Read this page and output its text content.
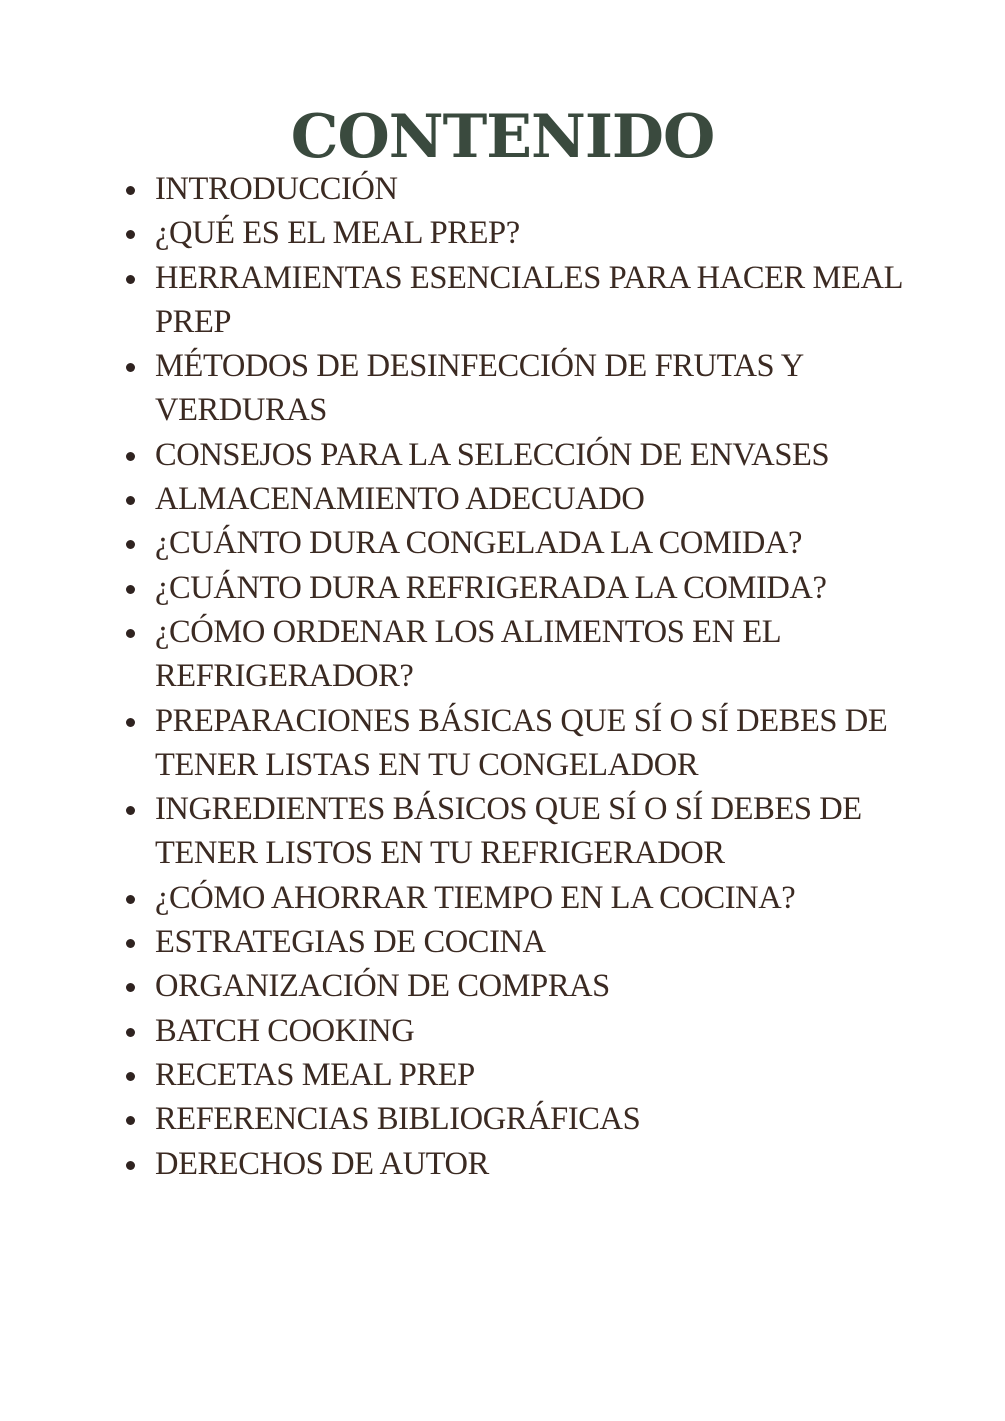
CONTENIDO
INTRODUCCIÓN
¿QUÉ ES EL MEAL PREP?
HERRAMIENTAS ESENCIALES PARA HACER MEAL PREP
MÉTODOS DE DESINFECCIÓN DE FRUTAS Y VERDURAS
CONSEJOS PARA LA SELECCIÓN DE ENVASES
ALMACENAMIENTO ADECUADO
¿CUÁNTO DURA CONGELADA LA COMIDA?
¿CUÁNTO DURA REFRIGERADA LA COMIDA?
¿CÓMO ORDENAR LOS ALIMENTOS EN EL REFRIGERADOR?
PREPARACIONES BÁSICAS QUE SÍ O SÍ DEBES DE TENER LISTAS EN TU CONGELADOR
INGREDIENTES BÁSICOS QUE SÍ O SÍ DEBES DE TENER LISTOS EN TU REFRIGERADOR
¿CÓMO AHORRAR TIEMPO EN LA COCINA?
ESTRATEGIAS DE COCINA
ORGANIZACIÓN DE COMPRAS
BATCH COOKING
RECETAS MEAL PREP
REFERENCIAS BIBLIOGRÁFICAS
DERECHOS DE AUTOR
